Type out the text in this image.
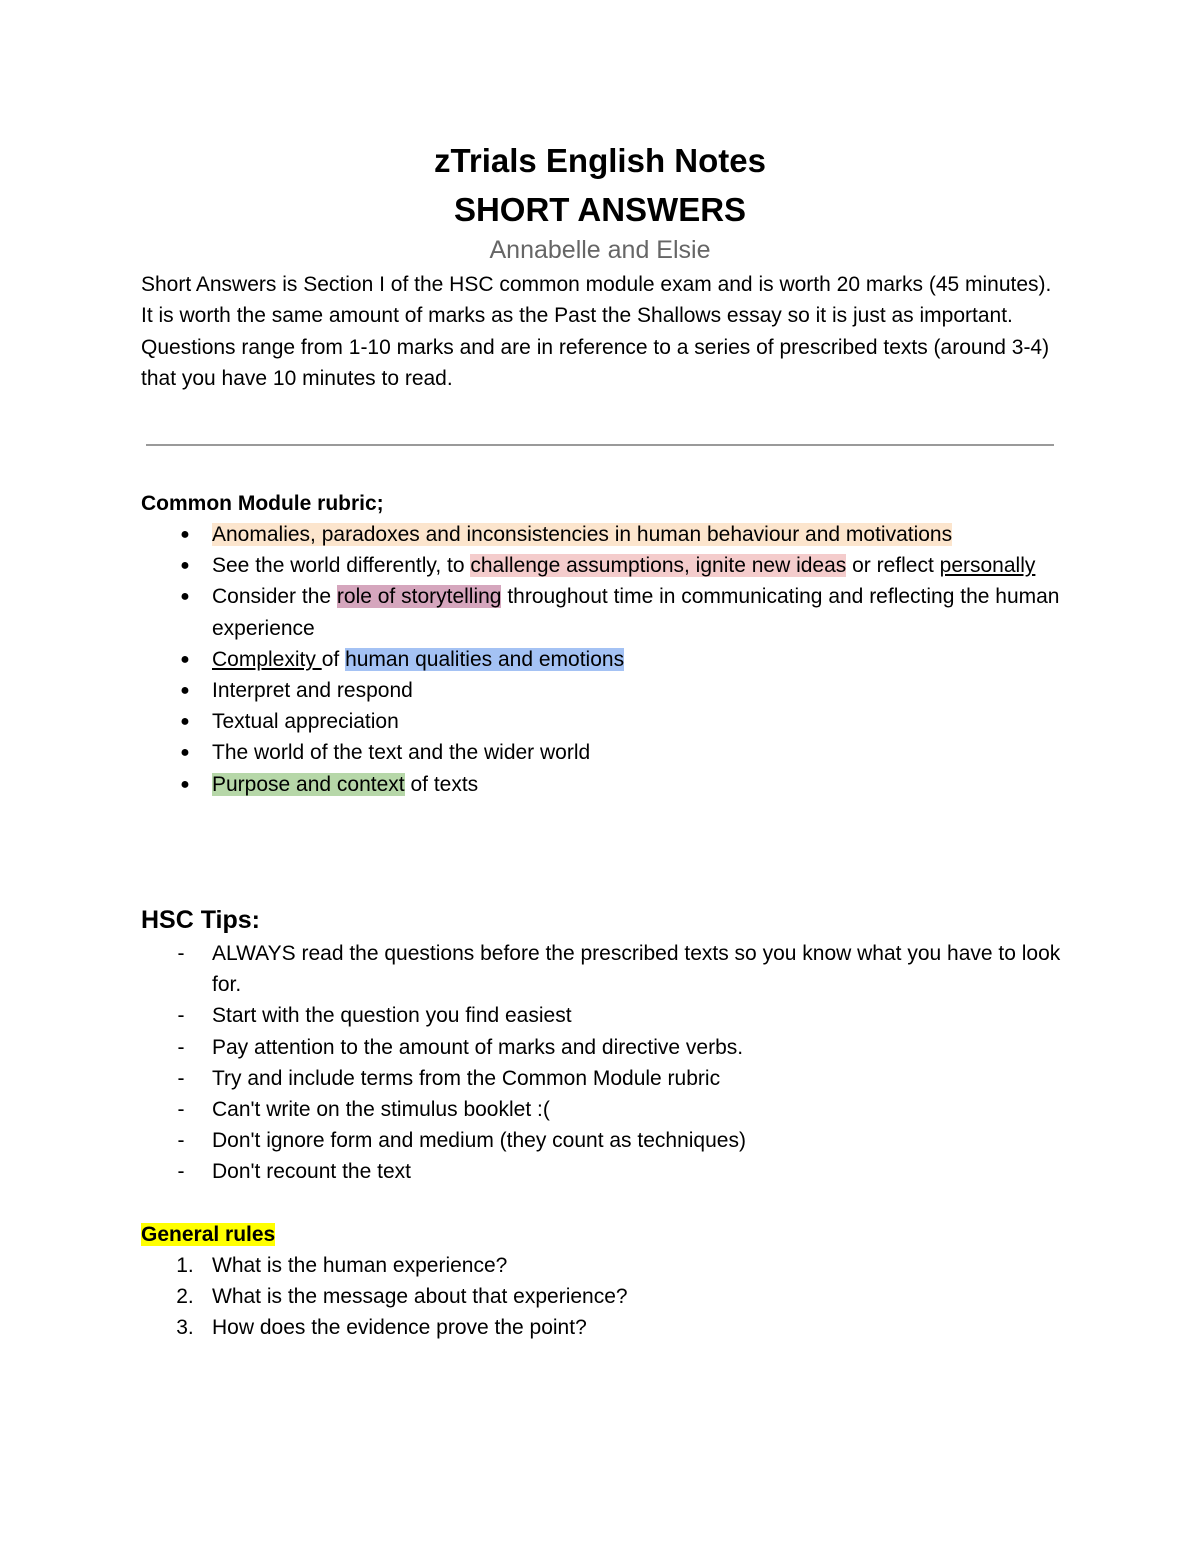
zTrials English Notes
SHORT ANSWERS
Annabelle and Elsie

Short Answers is Section I of the HSC common module exam and is worth 20 marks (45 minutes). It is worth the same amount of marks as the Past the Shallows essay so it is just as important.

Questions range from 1-10 marks and are in reference to a series of prescribed texts (around 3-4) that you have 10 minutes to read.

Common Module rubric;
●	Anomalies, paradoxes and inconsistencies in human behaviour and motivations
●	See the world differently, to challenge assumptions, ignite new ideas or reflect personally
●	Consider the role of storytelling throughout time in communicating and reflecting the human experience
●	Complexity of human qualities and emotions
●	Interpret and respond
●	Textual appreciation
●	The world of the text and the wider world
●	Purpose and context of texts
HSC Tips:
-	ALWAYS read the questions before the prescribed texts so you know what you have to look for.
-	Start with the question you find easiest
-	Pay attention to the amount of marks and directive verbs.
-	Try and include terms from the Common Module rubric
-	Can't write on the stimulus booklet :(
-	Don't ignore form and medium (they count as techniques)
-	Don't recount the text
General rules
1. What is the human experience?
2. What is the message about that experience?
3. How does the evidence prove the point?
